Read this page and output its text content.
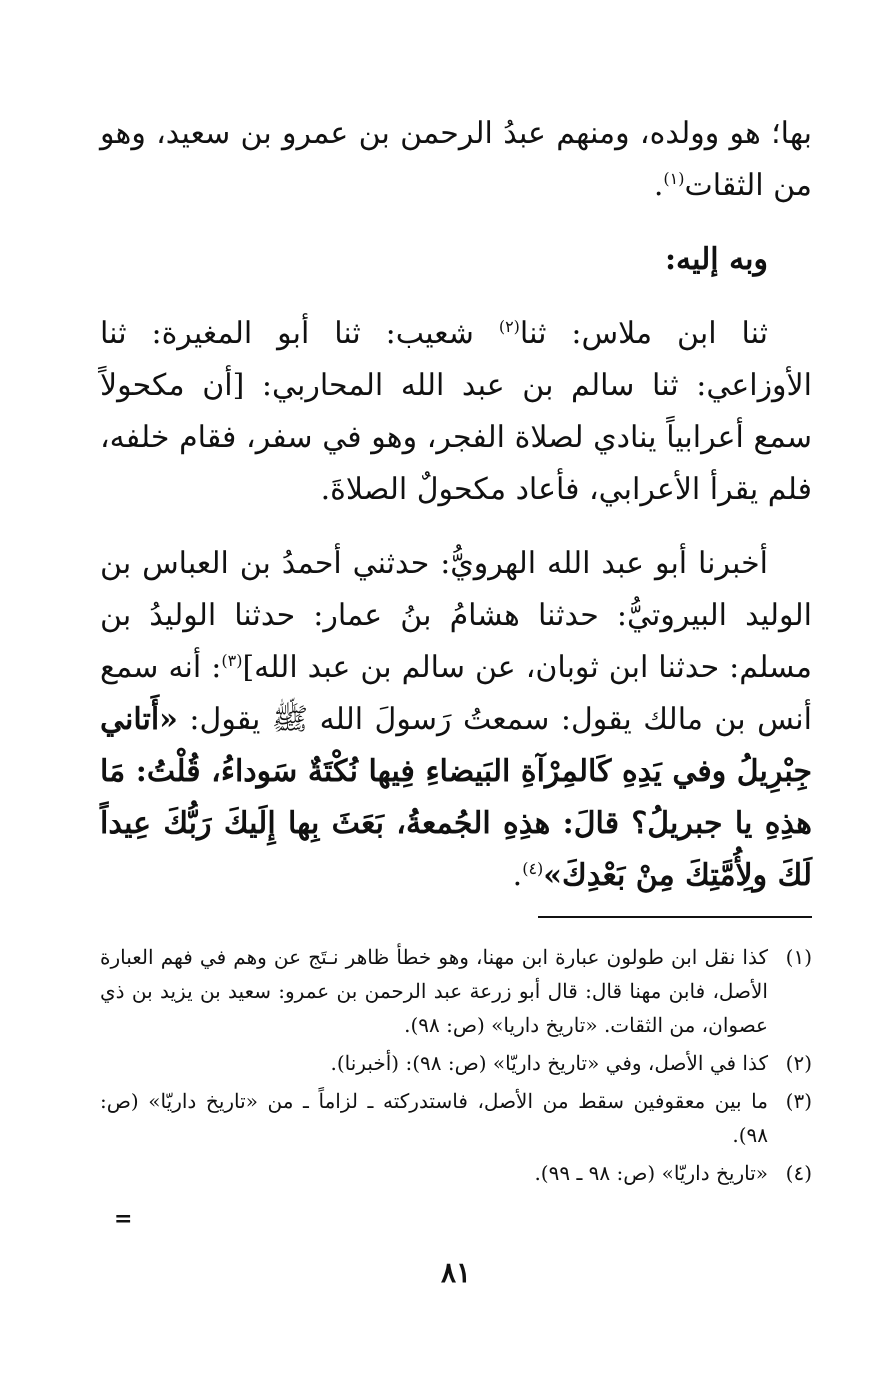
بها؛ هو وولده، ومنهم عبدُ الرحمن بن عمرو بن سعيد، وهو من الثقات$^{(١)}$.

وبه إليه:

ثنا ابن ملاس: ثنا$^{(٢)}$ شعيب: ثنا أبو المغيرة: ثنا الأوزاعي: ثنا سالم بن عبد الله المحاربي: [أن مكحولاً سمع أعرابياً ينادي لصلاة الفجر، وهو في سفر، فقام خلفه، فلم يقرأ الأعرابي، فأعاد مكحولٌ الصلاةَ.

أخبرنا أبو عبد الله الهرويُّ: حدثني أحمدُ بن العباس بن الوليد البيروتيُّ: حدثنا هشامُ بنُ عمار: حدثنا الوليدُ بن مسلم: حدثنا ابن ثوبان، عن سالم بن عبد الله]$^{(٣)}$: أنه سمع أنس بن مالك يقول: سمعتُ رَسولَ الله ﷺ يقول: «أَتاني جِبْرِيلُ وفي يَدِهِ كَالمِرْآةِ البَيضاءِ فِيها نُكْتَةٌ سَوداءُ، قُلْتُ: مَا هذِهِ يا جبريلُ؟ قالَ: هذِهِ الجُمعةُ، بَعَثَ بِها إِلَيكَ رَبُّكَ عِيداً لَكَ ولِأُمَّتِكَ مِنْ بَعْدِكَ»$^{(٤)}$.

(١)
كذا نقل ابن طولون عبارة ابن مهنا، وهو خطأ ظاهر نـتَج عن وهم في فهم العبارة الأصل، فابن مهنا قال: قال أبو زرعة عبد الرحمن بن عمرو: سعيد بن يزيد بن ذي عصوان، من الثقات. «تاريخ داريا» (ص: ٩٨).
(٢)
كذا في الأصل، وفي «تاريخ داريّا» (ص: ٩٨): (أخبرنا).
(٣)
ما بين معقوفين سقط من الأصل، فاستدركته ـ لزاماً ـ من «تاريخ داريّا» (ص: ٩٨).
(٤)
«تاريخ داريّا» (ص: ٩٨ ـ ٩٩).
=
٨١
